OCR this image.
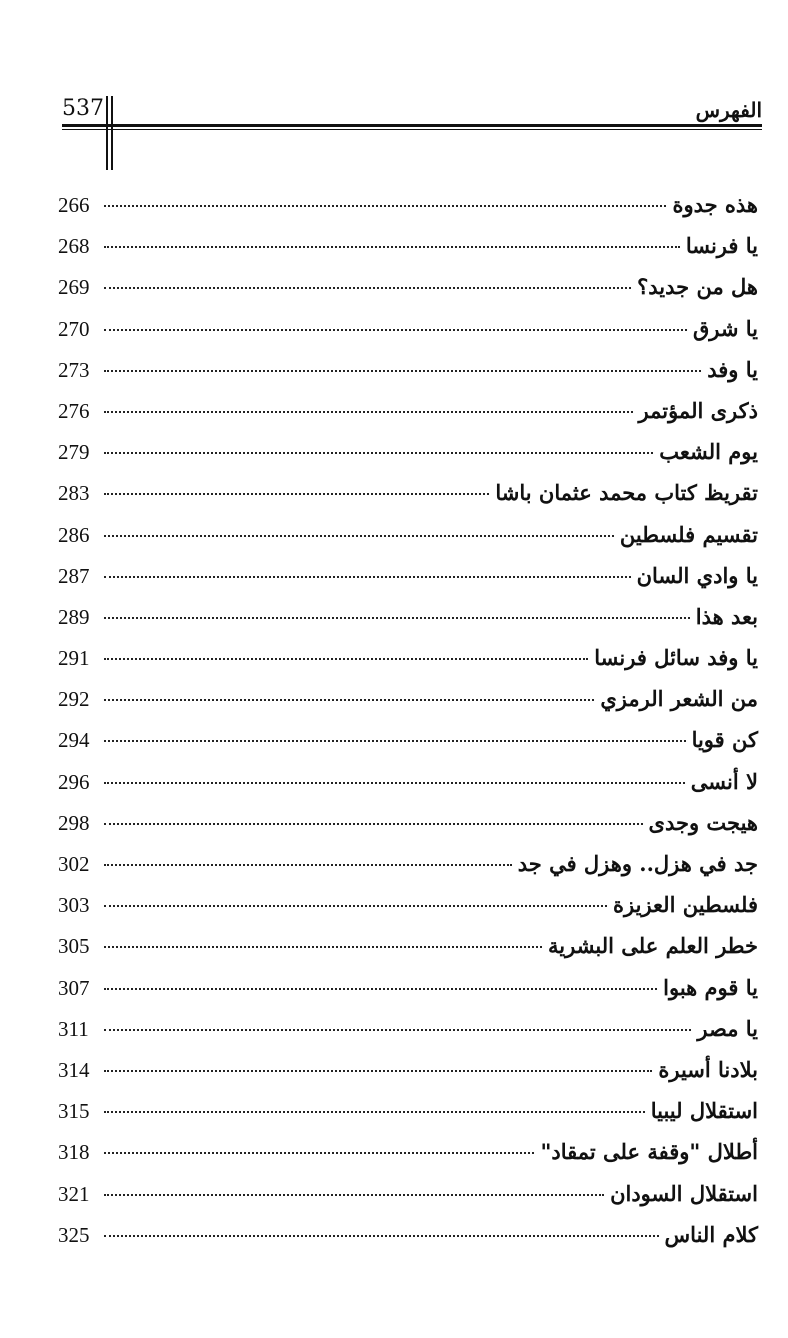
الفهرس
537
هذه جدوة
266
يا فرنسا
268
هل من جديد؟
269
يا شرق
270
يا وفد
273
ذكرى المؤتمر
276
يوم الشعب
279
تقريظ كتاب محمد عثمان باشا
283
تقسيم فلسطين
286
يا وادي السان
287
بعد هذا
289
يا وفد سائل فرنسا
291
من الشعر الرمزي
292
كن قويا
294
لا أنسى
296
هيجت وجدى
298
جد في هزل.. وهزل في جد
302
فلسطين العزيزة
303
خطر العلم على البشرية
305
يا قوم هبوا
307
يا مصر
311
بلادنا أسيرة
314
استقلال ليبيا
315
أطلال "وقفة على تمقاد"
318
استقلال السودان
321
كلام الناس
325
